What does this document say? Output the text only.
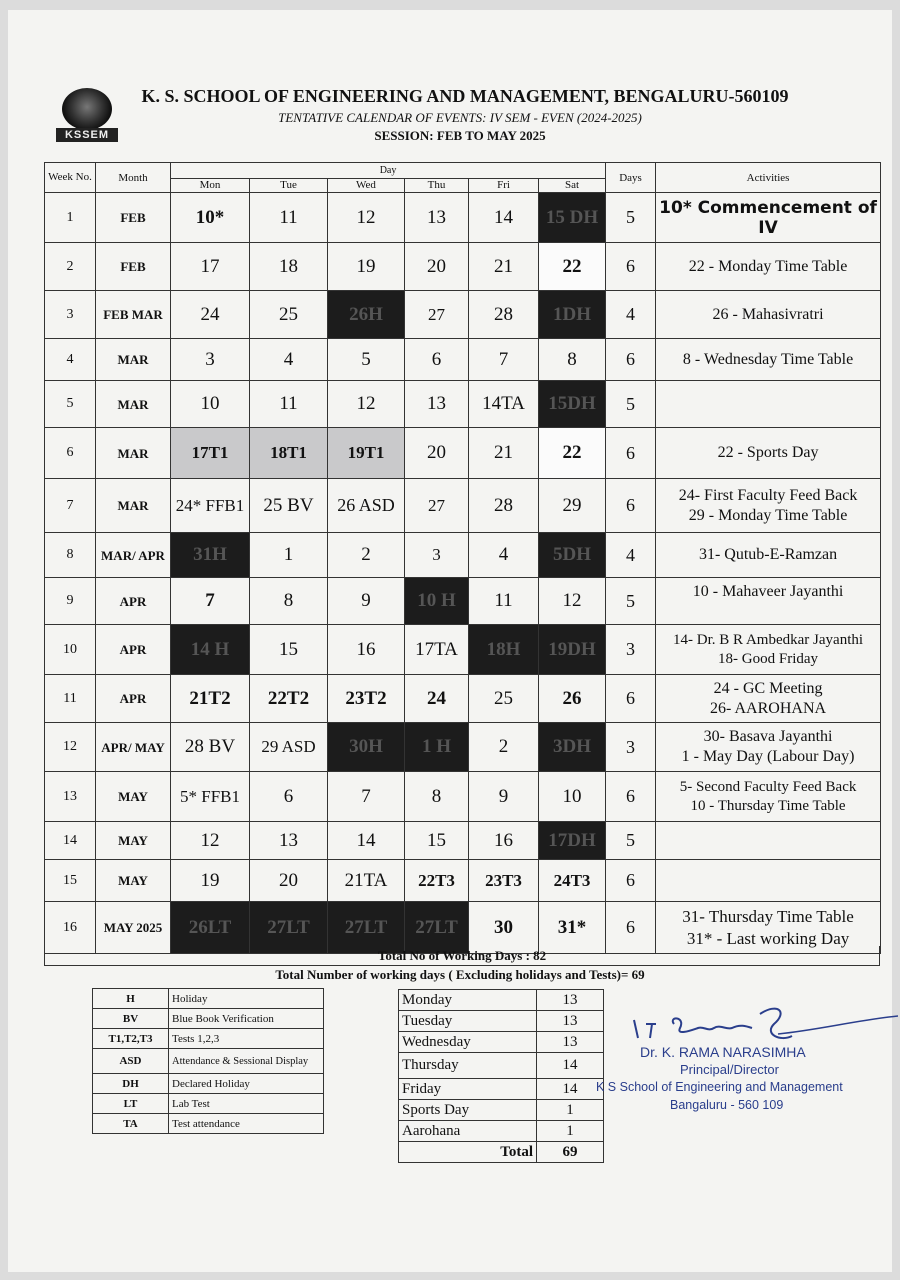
KSSEM
K. S. SCHOOL OF ENGINEERING AND MANAGEMENT, BENGALURU-560109
TENTATIVE CALENDAR OF EVENTS: IV SEM - EVEN (2024-2025)
SESSION: FEB TO MAY 2025
Week No.	Month	Day						Days	Activities
		Mon	Tue	Wed	Thu	Fri	Sat		
1	FEB	10*	11	12	13	14	15 DH	5	10* Commencement of IV

2	FEB	17	18	19	20	21	22	6	22 - Monday Time Table

3	FEB MAR	24	25	26H	27	28	1DH	4	26 - Mahasivratri

4	MAR	3	4	5	6	7	8	6	8 - Wednesday Time Table

5	MAR	10	11	12	13	14TA	15DH	5	
6	MAR	17T1	18T1	19T1	20	21	22	6	22 - Sports Day

7	MAR	24* FFB1	25 BV	26 ASD	27	28	29	6	24- First Faculty Feed Back
29 - Monday Time Table

8	MAR/ APR	31H	1	2	3	4	5DH	4	31- Qutub-E-Ramzan

9	APR	7	8	9	10 H	11	12	5	10 - Mahaveer Jayanthi

10	APR	14 H	15	16	17TA	18H	19DH	3	14- Dr. B R Ambedkar Jayanthi
18- Good Friday

11	APR	21T2	22T2	23T2	24	25	26	6	24 - GC Meeting
26- AAROHANA

12	APR/ MAY	28 BV	29 ASD	30H	1 H	2	3DH	3	30- Basava Jayanthi
1 - May Day (Labour Day)

13	MAY	5* FFB1	6	7	8	9	10	6	5- Second Faculty Feed Back
10 - Thursday Time Table

14	MAY	12	13	14	15	16	17DH	5	
15	MAY	19	20	21TA	22T3	23T3	24T3	6	
16	MAY 2025	26LT	27LT	27LT	27LT	30	31*	6	31- Thursday Time Table
31* - Last working Day
Total No of Working Days : 82
Total Number of working days ( Excluding holidays and Tests)= 69
H	Holiday
BV	Blue Book Verification
T1,T2,T3	Tests 1,2,3
ASD	Attendance & Sessional Display
DH	Declared Holiday
LT	Lab Test
TA	Test attendance
Monday	13
Tuesday	13
Wednesday	13
Thursday	14
Friday	14
Sports Day	1
Aarohana	1
Total	69
Dr. K. RAMA NARASIMHA
Principal/Director
K S School of Engineering and Management
Bangaluru - 560 109
